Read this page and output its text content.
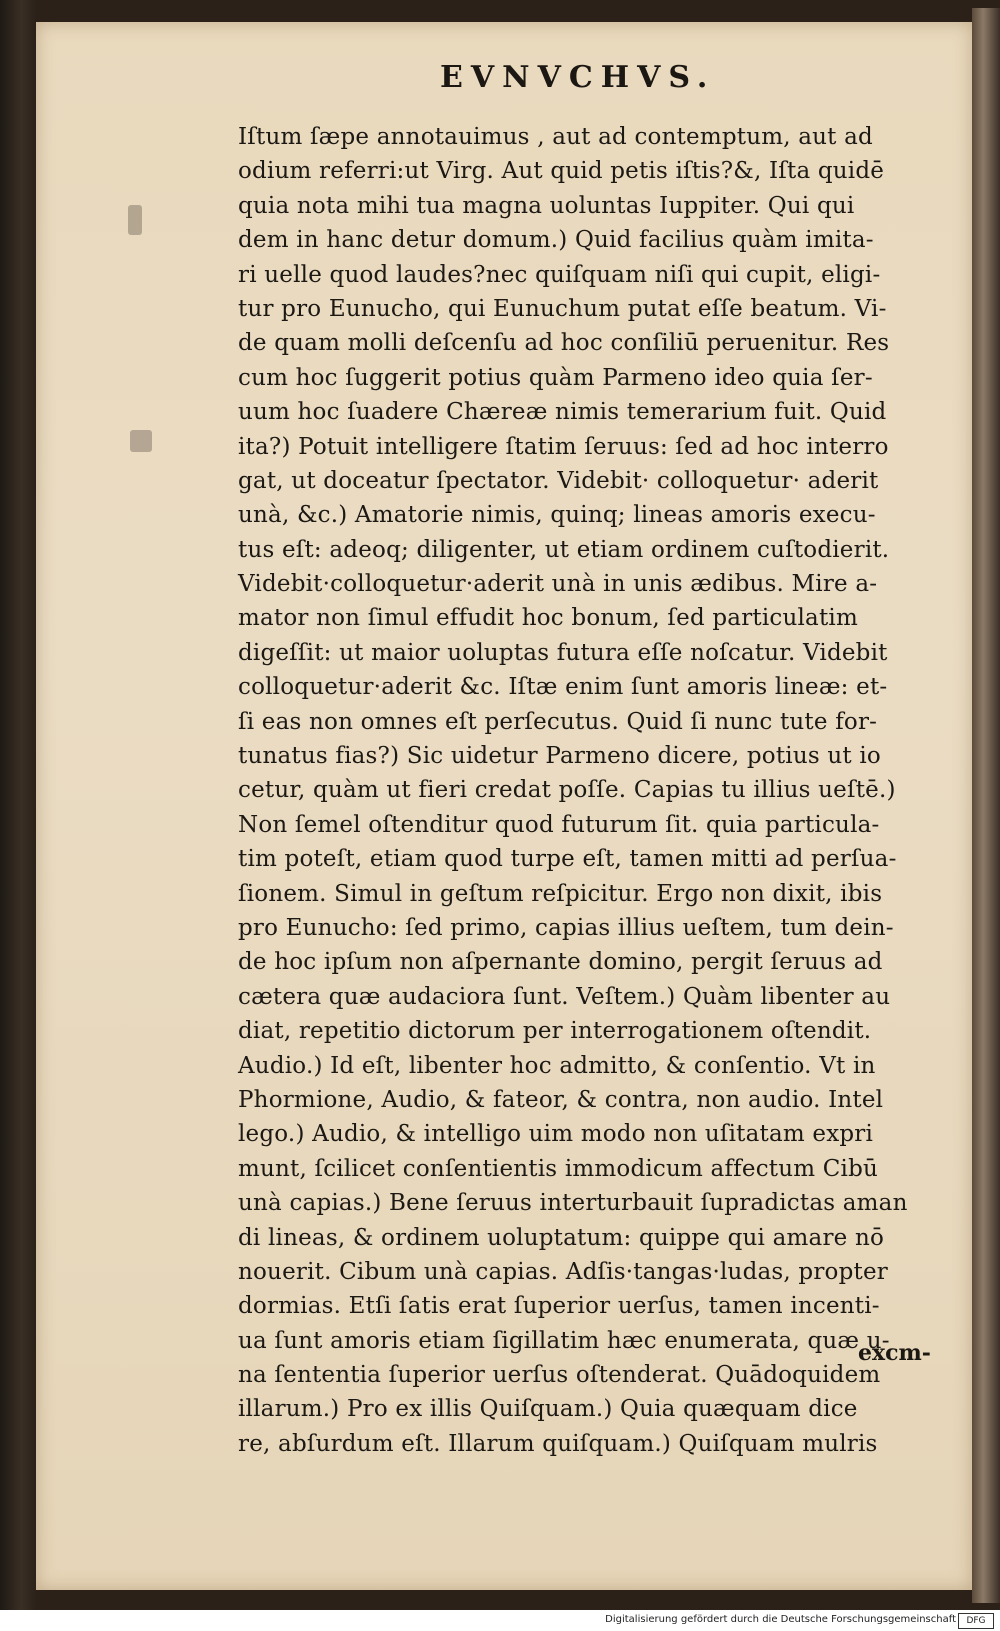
EVNVCHVS.
Iſtum ſæpe annotauimus , aut ad contemptum, aut ad
odium referri:ut Virg. Aut quid petis iſtis?&, Iſta quidē
quia nota mihi tua magna uoluntas Iuppiter. Qui qui
dem in hanc detur domum.) Quid facilius quàm imita-
ri uelle quod laudes?nec quiſquam niſi qui cupit, eligi-
tur pro Eunucho, qui Eunuchum putat eſſe beatum. Vi-
de quam molli deſcenſu ad hoc conſiliū peruenitur. Res
cum hoc ſuggerit potius quàm Parmeno ideo quia ſer-
uum hoc ſuadere Chæreæ nimis temerarium fuit. Quid
ita?) Potuit intelligere ſtatim ſeruus: ſed ad hoc interro
gat, ut doceatur ſpectator. Videbit· colloquetur· aderit
unà, &c.) Amatorie nimis, quinq; lineas amoris execu-
tus eſt: adeoq; diligenter, ut etiam ordinem cuſtodierit.
Videbit·colloquetur·aderit unà in unis ædibus. Mire a-
mator non ſimul effudit hoc bonum, ſed particulatim
digeſſit: ut maior uoluptas futura eſſe noſcatur. Videbit
colloquetur·aderit &c. Iſtæ enim ſunt amoris lineæ: et-
ſi eas non omnes eſt perſecutus. Quid ſi nunc tute for-
tunatus fias?) Sic uidetur Parmeno dicere, potius ut io
cetur, quàm ut fieri credat poſſe. Capias tu illius ueſtē.)
Non ſemel oſtenditur quod futurum ſit. quia particula-
tim poteſt, etiam quod turpe eſt, tamen mitti ad perſua-
ſionem. Simul in geſtum reſpicitur. Ergo non dixit, ibis
pro Eunucho: ſed primo, capias illius ueſtem, tum dein-
de hoc ipſum non aſpernante domino, pergit ſeruus ad
cætera quæ audaciora ſunt. Veſtem.) Quàm libenter au
diat, repetitio dictorum per interrogationem oſtendit.
Audio.) Id eſt, libenter hoc admitto, & conſentio. Vt in
Phormione, Audio, & fateor, & contra, non audio. Intel
lego.) Audio, & intelligo uim modo non uſitatam expri
munt, ſcilicet conſentientis immodicum affectum Cibū
unà capias.) Bene ſeruus interturbauit ſupradictas aman
di lineas, & ordinem uoluptatum: quippe qui amare nō
nouerit. Cibum unà capias. Adſis·tangas·ludas, propter
dormias. Etſi ſatis erat ſuperior uerſus, tamen incenti-
ua ſunt amoris etiam ſigillatim hæc enumerata, quæ u-
na ſententia ſuperior uerſus oſtenderat. Quādoquidem
illarum.) Pro ex illis Quiſquam.) Quia quæquam dice
re, abſurdum eſt. Illarum quiſquam.) Quiſquam mulris
excm-
Digitalisierung gefördert durch die Deutsche Forschungsgemeinschaft	DFG
